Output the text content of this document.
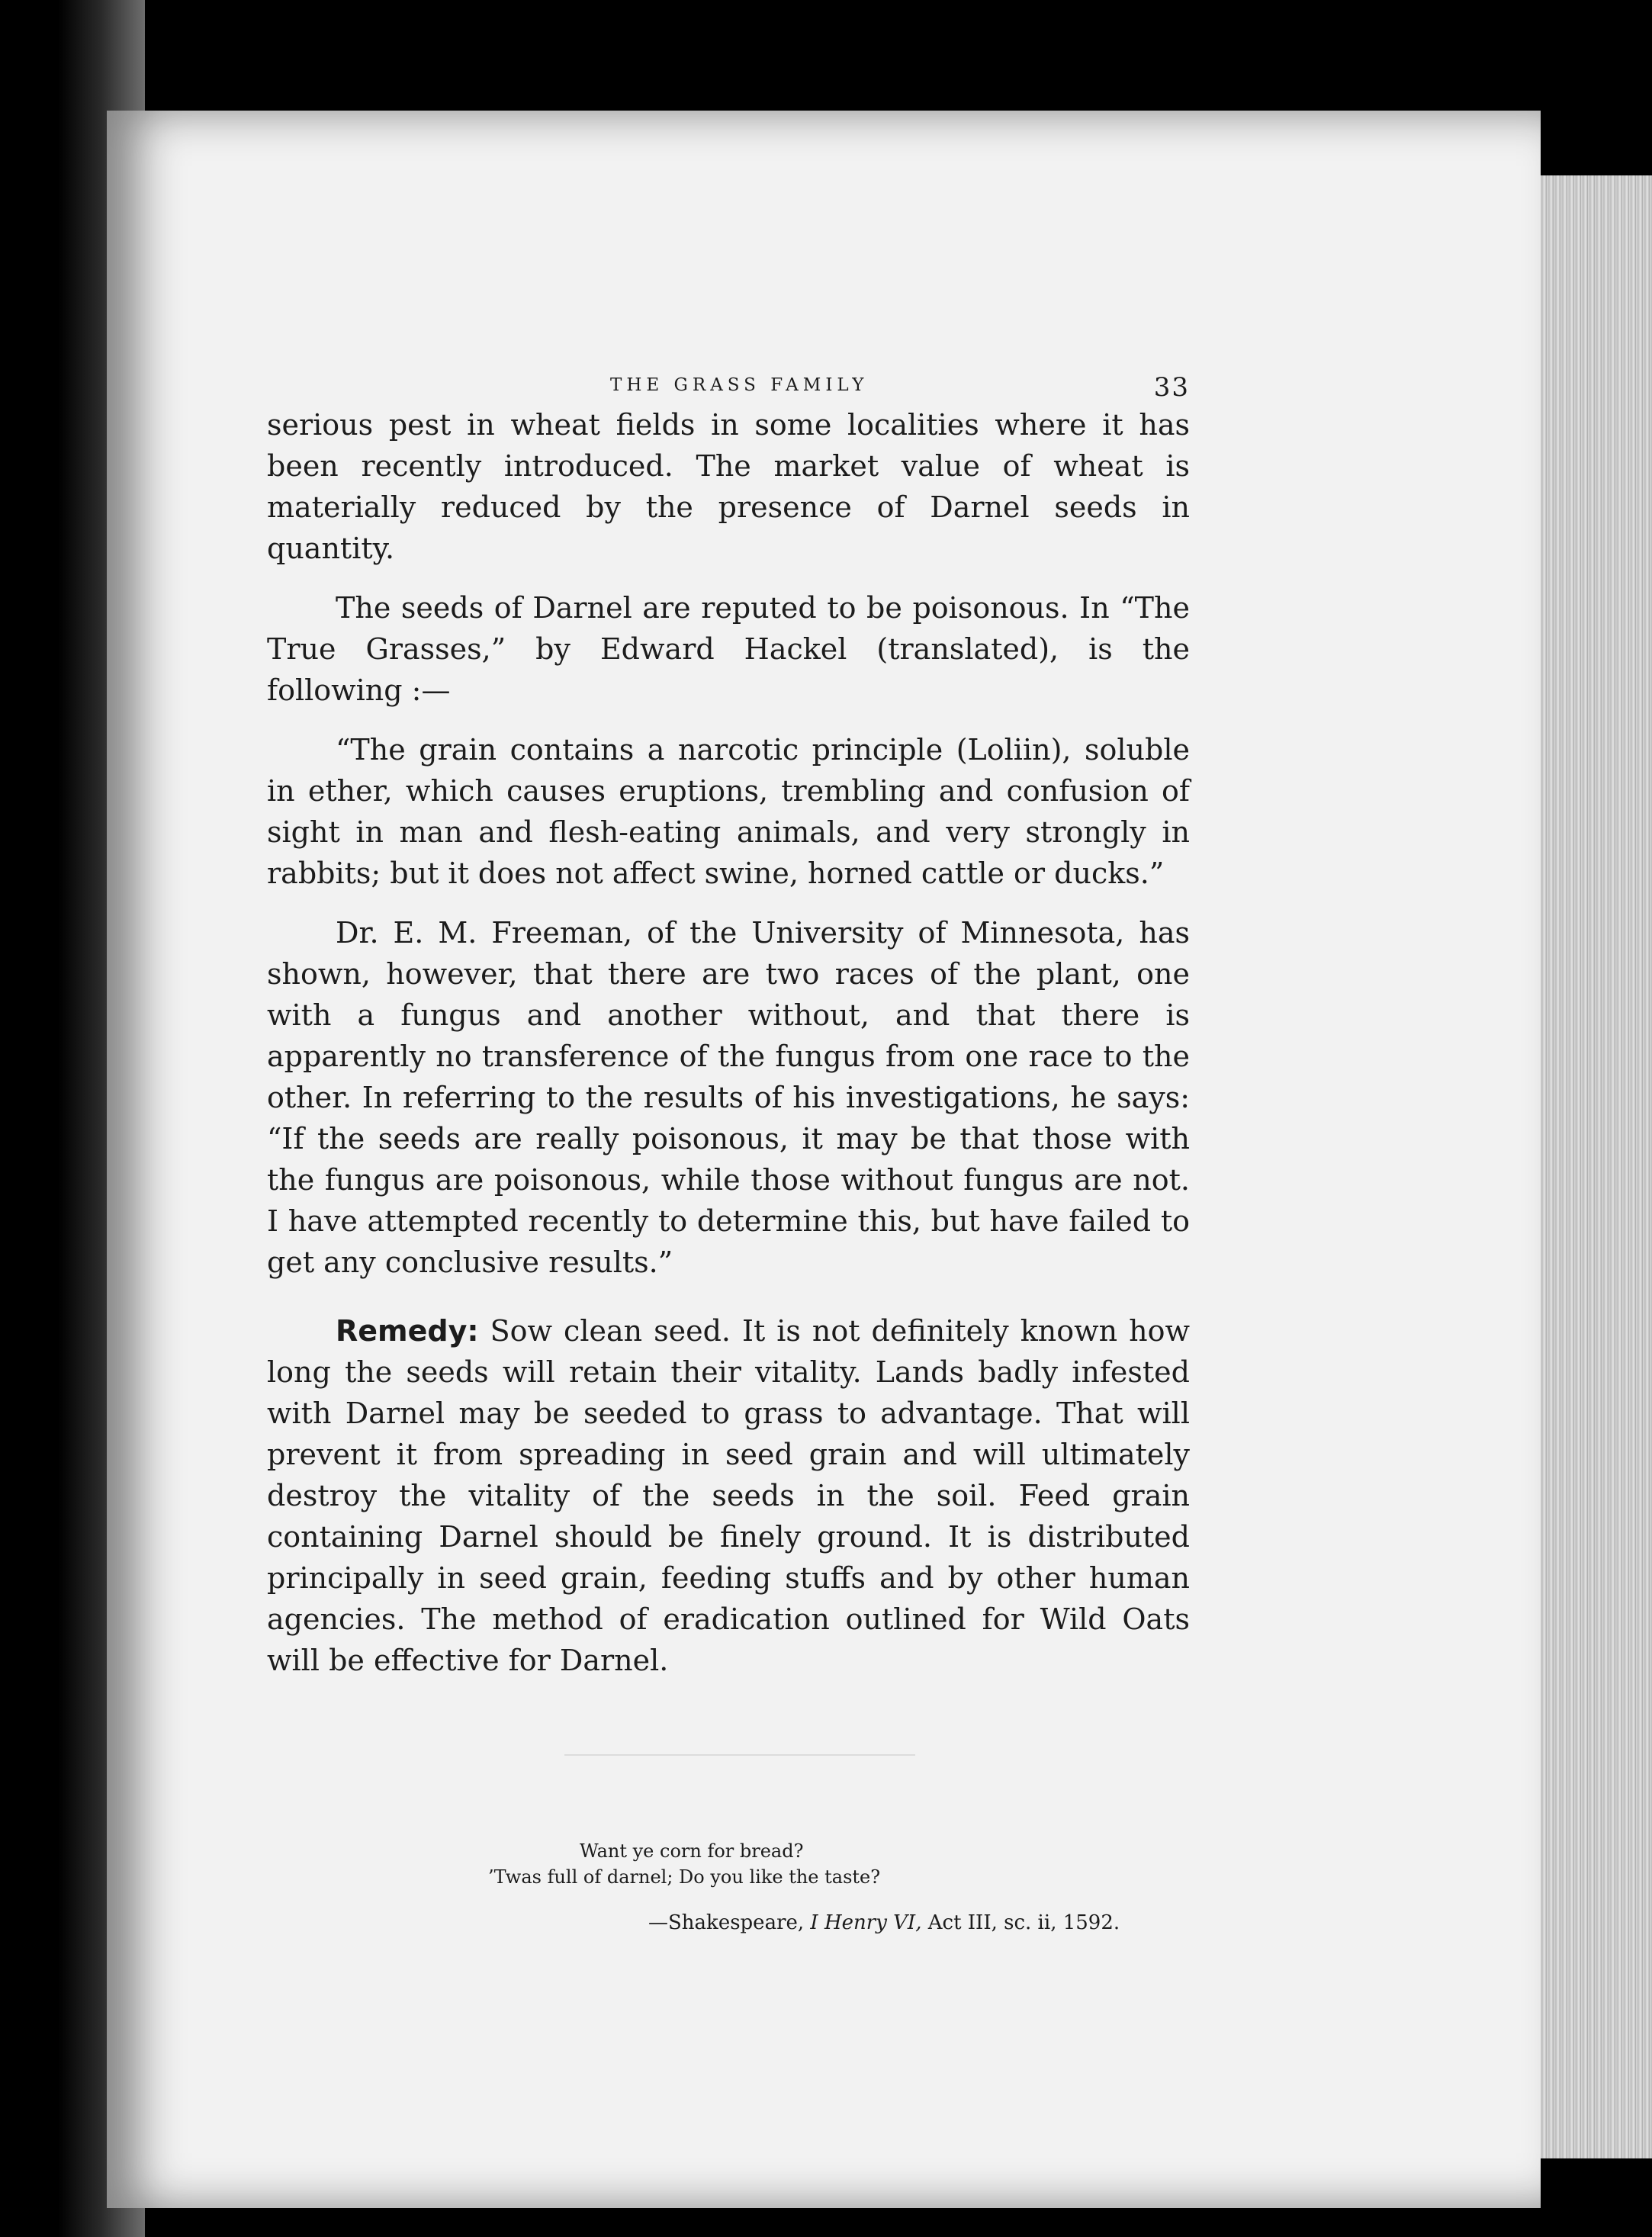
THE GRASS FAMILY	33

serious pest in wheat fields in some localities where it has been recently introduced. The market value of wheat is materially reduced by the presence of Darnel seeds in quantity.

The seeds of Darnel are reputed to be poisonous. In “The True Grasses,” by Edward Hackel (translated), is the following :—

“The grain contains a narcotic principle (Loliin), soluble in ether, which causes eruptions, trembling and confusion of sight in man and flesh-eating animals, and very strongly in rabbits; but it does not affect swine, horned cattle or ducks.”

Dr. E. M. Freeman, of the University of Minnesota, has shown, however, that there are two races of the plant, one with a fungus and another without, and that there is apparently no transference of the fungus from one race to the other. In referring to the results of his investigations, he says: “If the seeds are really poisonous, it may be that those with the fungus are poisonous, while those without fungus are not. I have attempted recently to determine this, but have failed to get any conclusive results.”

Remedy: Sow clean seed. It is not definitely known how long the seeds will retain their vitality. Lands badly infested with Darnel may be seeded to grass to advantage. That will prevent it from spreading in seed grain and will ultimately destroy the vitality of the seeds in the soil. Feed grain containing Darnel should be finely ground. It is distributed principally in seed grain, feeding stuffs and by other human agencies. The method of eradication outlined for Wild Oats will be effective for Darnel.

Want ye corn for bread?
’Twas full of darnel; Do you like the taste?
—Shakespeare, I Henry VI, Act III, sc. ii, 1592.
